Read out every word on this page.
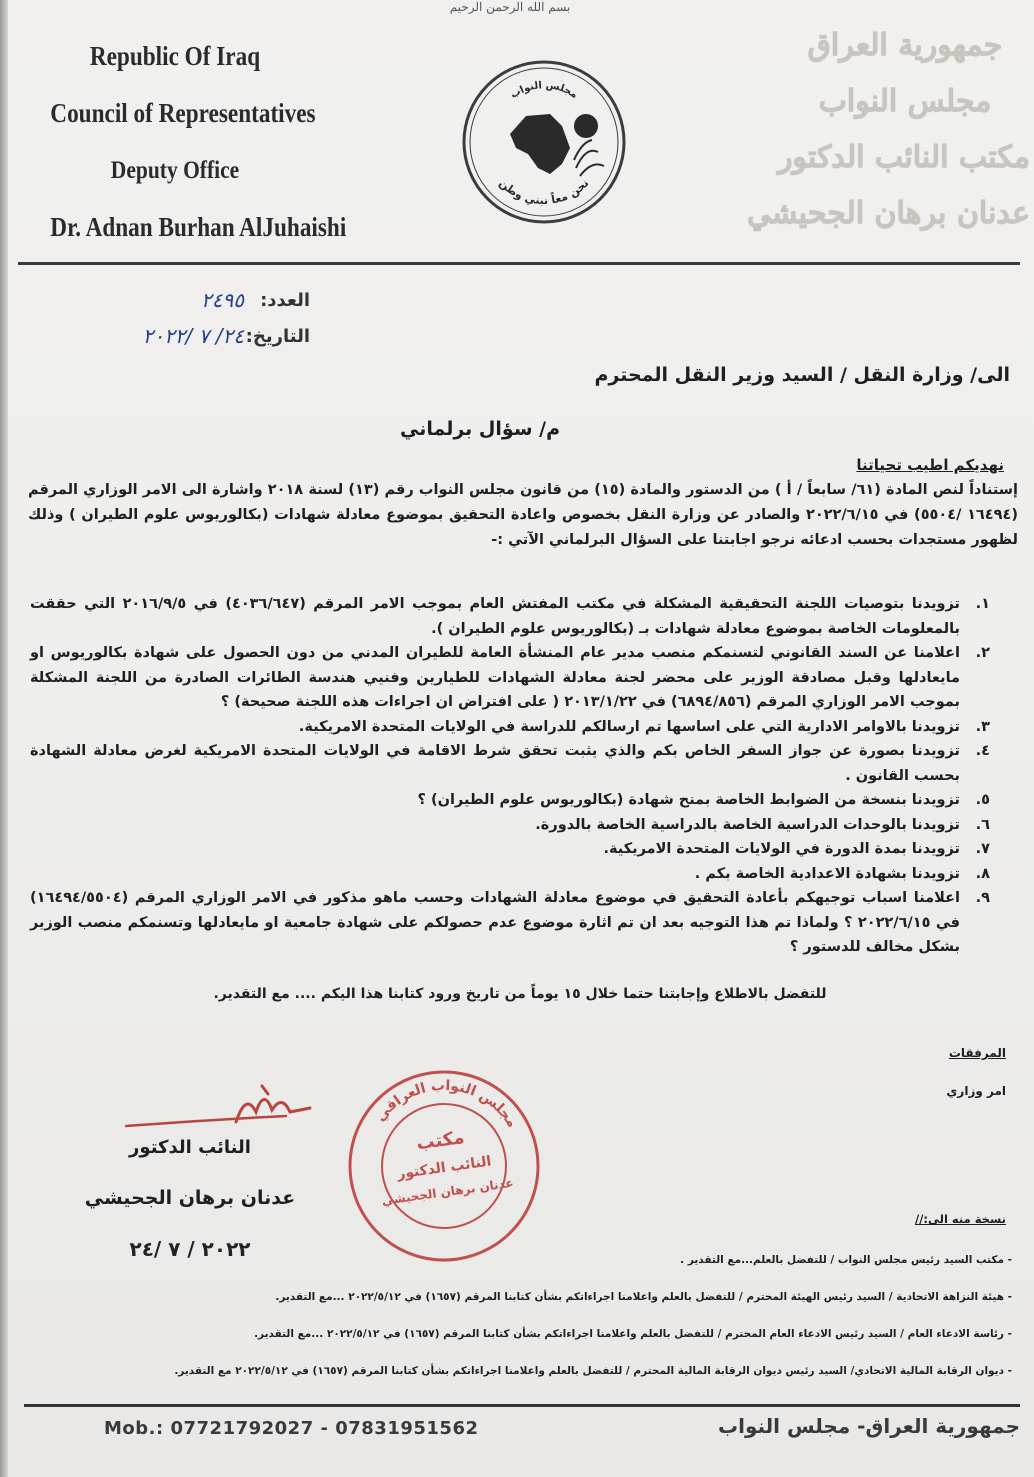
بسم الله الرحمن الرحيم
Republic Of Iraq
Council of Representatives
Deputy Office
Dr. Adnan Burhan AlJuhaishi
جمهورية العراق
مجلس النواب
مكتب النائب الدكتور
عدنان برهان الجحيشي
مجلس النواب
نحن معاً نبني وطن
العدد:
٢٤٩٥
التاريخ:
٢٤/ ٧ /٢٠٢٢
الى/ وزارة النقل / السيد وزير النقل المحترم
م/ سؤال برلماني
نهديكم اطيب تحياتنا

إستناداً لنص المادة (٦١/ سابعاً / أ ) من الدستور والمادة (١٥) من قانون مجلس النواب رقم (١٣) لسنة ٢٠١٨ واشارة الى الامر الوزاري المرقم (١٦٤٩٤ /٥٥٠٤) في ٢٠٢٢/٦/١٥ والصادر عن وزارة النقل بخصوص واعادة التحقيق بموضوع معادلة شهادات (بكالوريوس علوم الطيران ) وذلك لظهور مستجدات بحسب ادعائه نرجو اجابتنا على السؤال البرلماني الآتي :-

١.
تزويدنا بتوصيات اللجنة التحقيقية المشكلة في مكتب المفتش العام بموجب الامر المرقم (٤٠٣٦/٦٤٧) في ٢٠١٦/٩/٥ التي حققت بالمعلومات الخاصة بموضوع معادلة شهادات بـ (بكالوريوس علوم الطيران ).
٢.
اعلامنا عن السند القانوني لتسنمكم منصب مدير عام المنشأة العامة للطيران المدني من دون الحصول على شهادة بكالوريوس او مايعادلها وقبل مصادقة الوزير على محضر لجنة معادلة الشهادات للطيارين وفنيي هندسة الطائرات الصادرة من اللجنة المشكلة بموجب الامر الوزاري المرقم (٦٨٩٤/٨٥٦) في ٢٠١٣/١/٢٢ ( على افتراض ان اجراءات هذه اللجنة صحيحة) ؟
٣.
تزويدنا بالاوامر الادارية التي على اساسها تم ارسالكم للدراسة في الولايات المتحدة الامريكية.
٤.
تزويدنا بصورة عن جواز السفر الخاص بكم والذي يثبت تحقق شرط الاقامة في الولايات المتحدة الامريكية لغرض معادلة الشهادة بحسب القانون .
٥.
تزويدنا بنسخة من الضوابط الخاصة بمنح شهادة (بكالوريوس علوم الطيران) ؟
٦.
تزويدنا بالوحدات الدراسية الخاصة بالدراسية الخاصة بالدورة.
٧.
تزويدنا بمدة الدورة في الولايات المتحدة الامريكية.
٨.
تزويدنا بشهادة الاعدادية الخاصة بكم .
٩.
اعلامنا اسباب توجيهكم بأعادة التحقيق في موضوع معادلة الشهادات وحسب ماهو مذكور في الامر الوزاري المرقم (١٦٤٩٤/٥٥٠٤) في ٢٠٢٢/٦/١٥ ؟ ولماذا تم هذا التوجيه بعد ان تم اثارة موضوع عدم حصولكم على شهادة جامعية او مايعادلها وتسنمكم منصب الوزير بشكل مخالف للدستور ؟
للتفضل بالاطلاع وإجابتنا حتما خلال ١٥ يوماً من تاريخ ورود كتابنا هذا اليكم .... مع التقدير.
المرفقات
امر وزاري
النائب الدكتور
عدنان برهان الجحيشي
٢٠٢٢ / ٧ /٢٤
مجلس النواب العراقي
مكتب
النائب الدكتور
عدنان برهان الجحيشي
نسخة منه الى://
- مكتب السيد رئيس مجلس النواب / للتفضل بالعلم...مع التقدير .
- هيئة النزاهة الاتحادية / السيد رئيس الهيئة المحترم / للتفضل بالعلم واعلامنا اجراءاتكم بشأن كتابنا المرقم (١٦٥٧) في ٢٠٢٢/٥/١٢ ...مع التقدير.
- رئاسة الادعاء العام / السيد رئيس الادعاء العام المحترم / للتفضل بالعلم واعلامنا اجراءاتكم بشأن كتابنا المرقم (١٦٥٧) في ٢٠٢٢/٥/١٢ ...مع التقدير.
- ديوان الرقابة المالية الاتحادي/ السيد رئيس ديوان الرقابة المالية المحترم / للتفضل بالعلم واعلامنا اجراءاتكم بشأن كتابنا المرقم (١٦٥٧) في ٢٠٢٢/٥/١٢ مع التقدير.
Mob.: 07721792027 - 07831951562	جمهورية العراق- مجلس النواب
